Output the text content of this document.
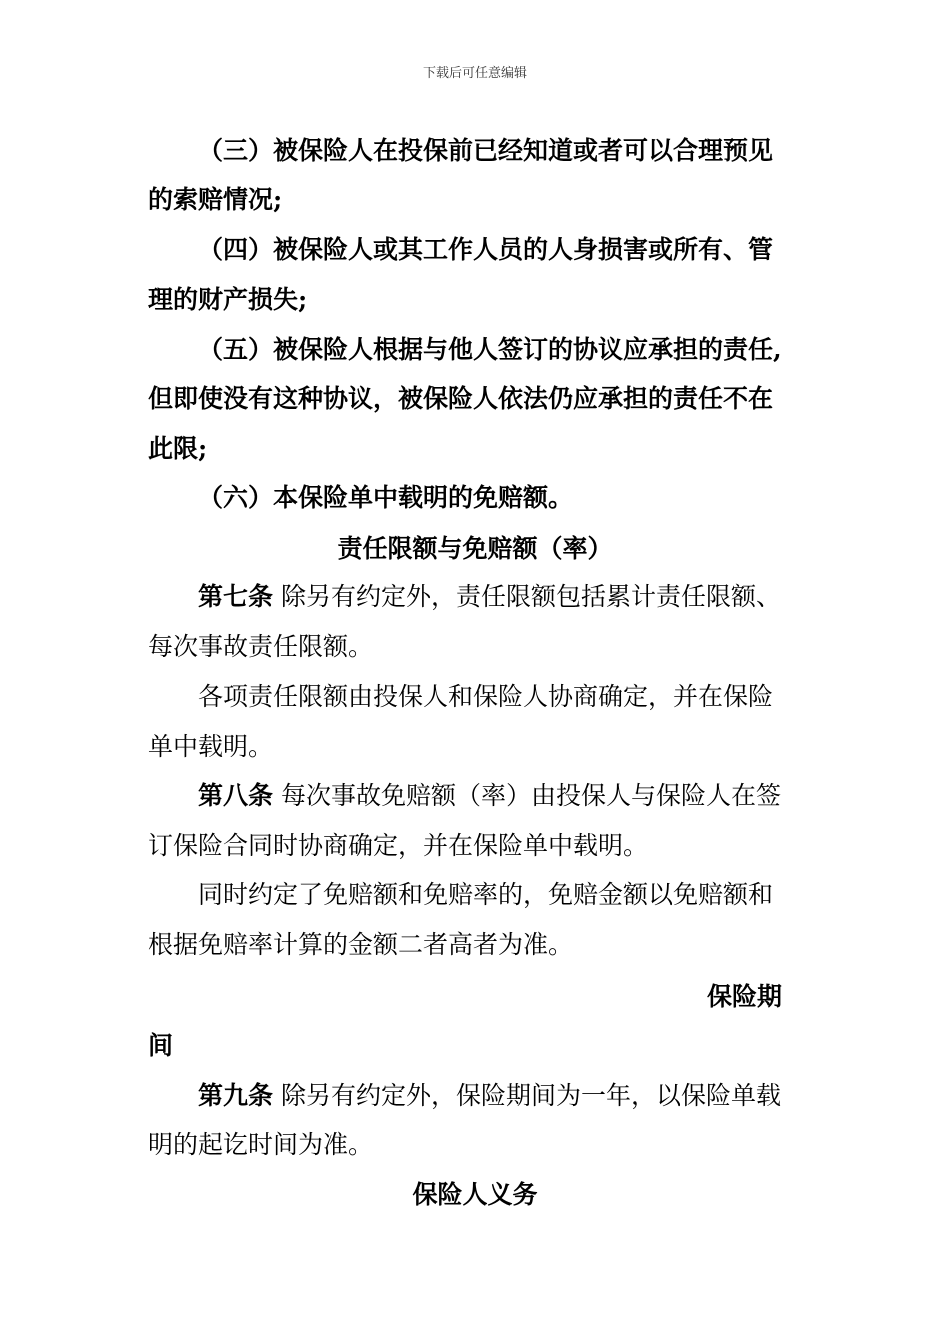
下载后可任意编辑
（三）被保险人在投保前已经知道或者可以合理预见
的索赔情况;
（四）被保险人或其工作人员的人身损害或所有、管
理的财产损失;
（五）被保险人根据与他人签订的协议应承担的责任,
但即使没有这种协议，被保险人依法仍应承担的责任不在
此限;
（六）本保险单中载明的免赔额。
责任限额与免赔额（率）
第七条 除另有约定外，责任限额包括累计责任限额、
每次事故责任限额。
各项责任限额由投保人和保险人协商确定，并在保险
单中载明。
第八条 每次事故免赔额（率）由投保人与保险人在签
订保险合同时协商确定，并在保险单中载明。
同时约定了免赔额和免赔率的，免赔金额以免赔额和
根据免赔率计算的金额二者高者为准。
保险期
间
第九条 除另有约定外，保险期间为一年，以保险单载
明的起讫时间为准。
保险人义务
